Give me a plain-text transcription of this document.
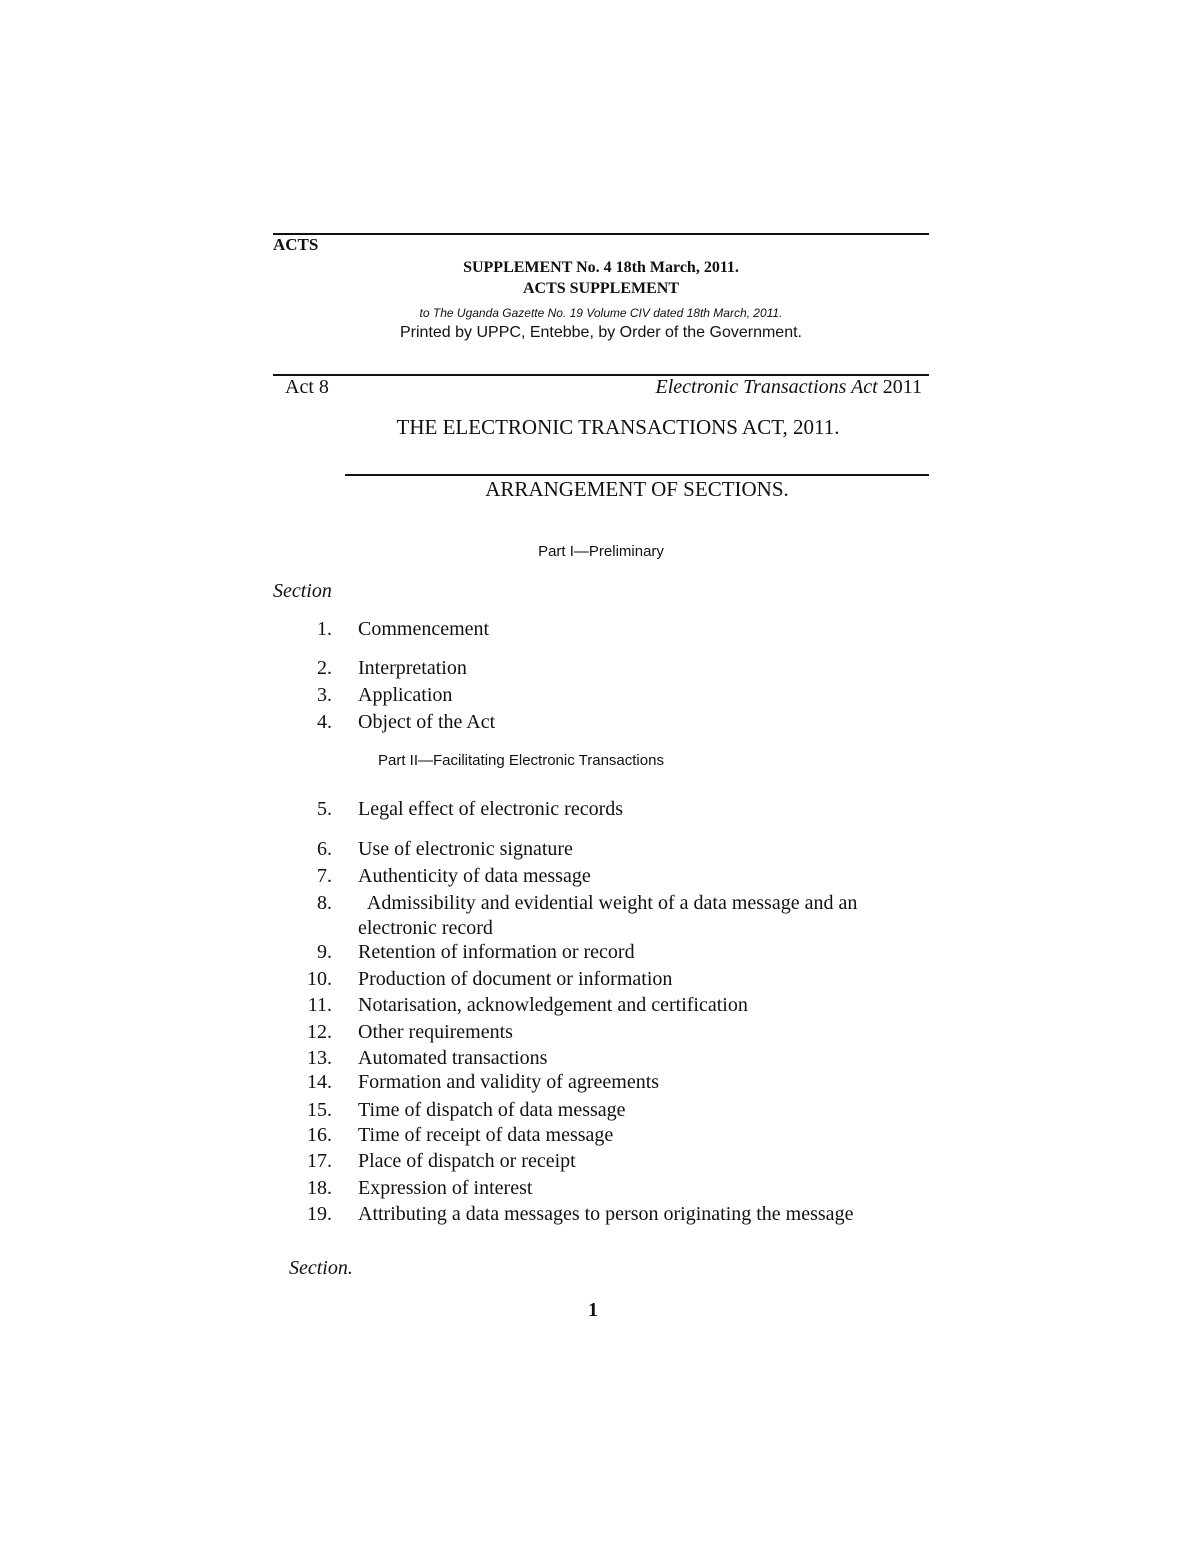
ACTS
SUPPLEMENT No. 4 18th March, 2011.
ACTS SUPPLEMENT
to The Uganda Gazette No. 19 Volume CIV dated 18th March, 2011.
Printed by UPPC, Entebbe, by Order of the Government.
Act 8	Electronic Transactions Act 2011
THE ELECTRONIC TRANSACTIONS ACT, 2011.
ARRANGEMENT OF SECTIONS.
Part I—Preliminary
Section
1. Commencement
2. Interpretation
3. Application
4. Object of the Act
Part II—Facilitating Electronic Transactions
5. Legal effect of electronic records
6. Use of electronic signature
7. Authenticity of data message
8. Admissibility and evidential weight of a data message and an
electronic record
9. Retention of information or record
10. Production of document or information
11. Notarisation, acknowledgement and certification
12. Other requirements
13. Automated transactions
14. Formation and validity of agreements
15. Time of dispatch of data message
16. Time of receipt of data message
17. Place of dispatch or receipt
18. Expression of interest
19. Attributing a data messages to person originating the message
Section.
1
